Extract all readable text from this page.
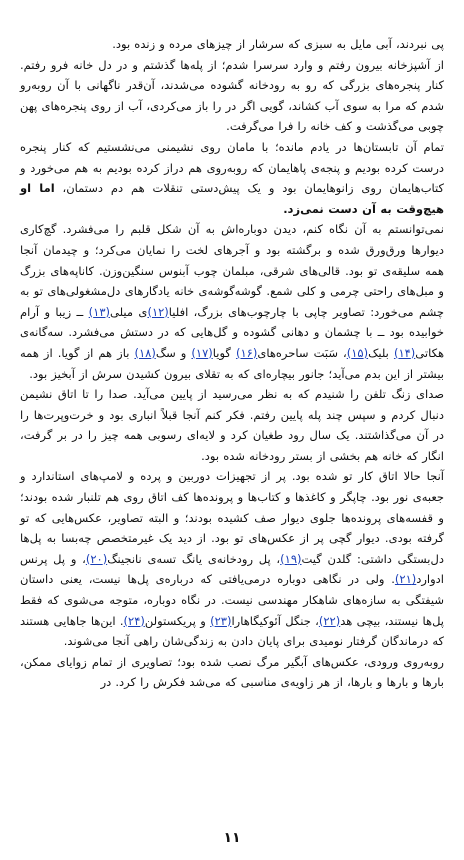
پی نبردند، آبی مایل به سبزی که سرشار از چیزهای مرده و زنده بود.

از آشپزخانه بیرون رفتم و وارد سرسرا شدم؛ از پله‌ها گذشتم و در دل خانه فرو رفتم. کنار پنجره‌های بزرگی که رو به رودخانه گشوده می‌شدند، آن‌قدر ناگهانی با آن روبه‌رو شدم که مرا به سوی آب کشاند، گویی اگر در را باز می‌کردی، آب از روی پنجره‌های پهن چوبی می‌گذشت و کف خانه را فرا می‌گرفت.

تمام آن تابستان‌ها در یادم مانده؛ با مامان روی نشیمنی می‌نشستیم که کنار پنجره درست کرده بودیم و پنجه‌ی پاهایمان که روبه‌روی هم دراز کرده بودیم به هم می‌خورد و کتاب‌هایمان روی زانوهایمان بود و یک پیش‌دستی تنقلات هم دم دستمان، اما او هیچ‌وقت به آن دست نمی‌زد.

نمی‌توانستم به آن نگاه کنم، دیدن دوباره‌اش به آن شکل قلبم را می‌فشرد. گچ‌کاری دیوارها ورق‌ورق شده و برگشته بود و آجرهای لخت را نمایان می‌کرد؛ و چیدمان آنجا همه سلیقه‌ی تو بود. قالی‌های شرقی، مبلمان چوب آبنوس سنگین‌وزن. کاناپه‌های بزرگ و مبل‌های راحتی چرمی و کلی شمع. گوشه‌گوشه‌ی خانه یادگارهای دل‌مشغولی‌های تو به چشم می‌خورد: تصاویر چاپی با چارچوب‌های بزرگ، افلیا(۱۲)ی میلی(۱۳) ــ زیبا و آرام خوابیده بود ــ با چشمان و دهانی گشوده و گل‌هایی که در دستش می‌فشرد. سه‌گانه‌ی هکاتی(۱۴) بلیک(۱۵)، سَبَت ساحره‌های(۱۶) گویا(۱۷) و سگ(۱۸) باز هم از گویا. از همه بیشتر از این بدم می‌آید؛ جانور بیچاره‌ای که به تقلای بیرون کشیدن سرش از آبخیز بود.

صدای زنگ تلفن را شنیدم که به نظر می‌رسید از پایین می‌آید. صدا را تا اتاق نشیمن دنبال کردم و سپس چند پله پایین رفتم. فکر کنم آنجا قبلاً انباری بود و خرت‌وپرت‌ها را در آن می‌گذاشتند. یک سال رود طغیان کرد و لایه‌ای رسوبی همه چیز را در بر گرفت، انگار که خانه هم بخشی از بستر رودخانه شده بود.

آنجا حالا اتاق کار تو شده بود. پر از تجهیزات دوربین و پرده و لامپ‌های استاندارد و جعبه‌ی نور بود. چاپگر و کاغذها و کتاب‌ها و پرونده‌ها کف اتاق روی هم تلنبار شده بودند؛ و قفسه‌های پرونده‌ها جلوی دیوار صف کشیده بودند؛ و البته تصاویر، عکس‌هایی که تو گرفته بودی. دیوار گچی پر از عکس‌های تو بود. از دید یک غیرمتخصص چه‌بسا به پل‌ها دل‌بستگی داشتی: گلدن گیت(۱۹)، پل رودخانه‌ی یانگ تسه‌ی نانجینگ(۲۰)، و پل پرنس ادوارد(۲۱). ولی در نگاهی دوباره درمی‌یافتی که درباره‌ی پل‌ها نیست، یعنی داستان شیفتگی به سازه‌های شاهکار مهندسی نیست. در نگاه دوباره، متوجه می‌شوی که فقط پل‌ها نیستند، بیچی هد(۲۲)، جنگل آئوکیگاهارا(۲۳) و پریکستولن(۲۴). این‌ها جاهایی هستند که درماندگان گرفتار نومیدی برای پایان دادن به زندگی‌شان راهی آنجا می‌شوند.

روبه‌روی ورودی، عکس‌های آبگیر مرگ نصب شده بود؛ تصاویری از تمام زوایای ممکن، بارها و بارها و بارها، از هر زاویه‌ی مناسبی که می‌شد فکرش را کرد. در

۱۱
